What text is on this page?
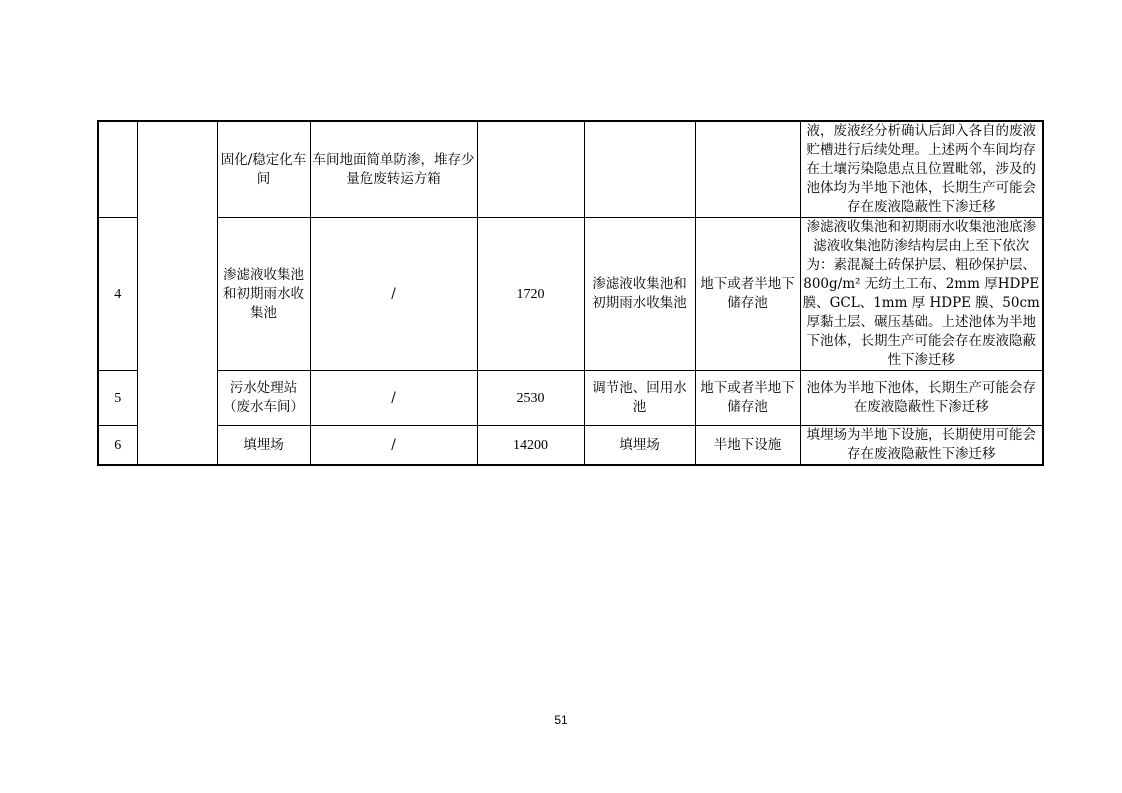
		固化/稳定化车间	车间地面简单防渗，堆存少量危废转运方箱				液，废液经分析确认后卸入各自的废液贮槽进行后续处理。上述两个车间均存在土壤污染隐患点且位置毗邻，涉及的池体均为半地下池体，长期生产可能会存在废液隐蔽性下渗迁移
4		渗滤液收集池和初期雨水收集池	/	1720	渗滤液收集池和初期雨水收集池	地下或者半地下储存池	渗滤液收集池和初期雨水收集池池底渗滤液收集池防渗结构层由上至下依次为：素混凝土砖保护层、粗砂保护层、800g/m² 无纺土工布、2mm 厚HDPE 膜、GCL、1mm 厚 HDPE 膜、50cm 厚黏土层、碾压基础。上述池体为半地下池体，长期生产可能会存在废液隐蔽性下渗迁移
5		污水处理站（废水车间）	/	2530	调节池、回用水池	地下或者半地下储存池	池体为半地下池体，长期生产可能会存在废液隐蔽性下渗迁移
6		填埋场	/	14200	填埋场	半地下设施	填埋场为半地下设施，长期使用可能会存在废液隐蔽性下渗迁移
51
